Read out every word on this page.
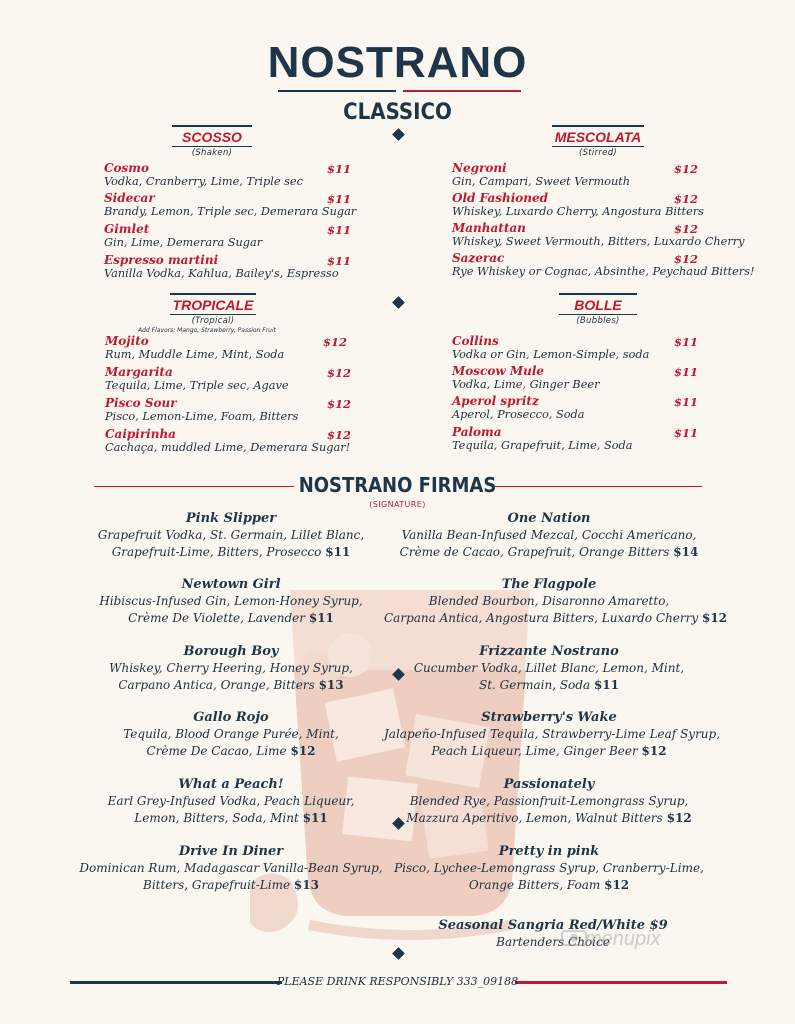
NOSTRANO
CLASSICO
SCOSSO
(Shaken)
Cosmo
Vodka, Cranberry, Lime, Triple sec
$11
Sidecar
Brandy, Lemon, Triple sec, Demerara Sugar
$11
Gimlet
Gin, Lime, Demerara Sugar
$11
Espresso martini
Vanilla Vodka, Kahlua, Bailey's, Espresso
$11
MESCOLATA
(Stirred)
Negroni
Gin, Campari, Sweet Vermouth
$12
Old Fashioned
Whiskey, Luxardo Cherry, Angostura Bitters
$12
Manhattan
Whiskey, Sweet Vermouth, Bitters, Luxardo Cherry
$12
Sazerac
Rye Whiskey or Cognac, Absinthe, Peychaud Bitters!
$12
TROPICALE
(Tropical)
Add Flavors: Mango, Strawberry, Passion Fruit
Mojito
Rum, Muddle Lime, Mint, Soda
$12
Margarita
Tequila, Lime, Triple sec, Agave
$12
Pisco Sour
Pisco, Lemon-Lime, Foam, Bitters
$12
Caipirinha
Cachaça, muddled Lime, Demerara Sugar!
$12
BOLLE
(Bubbles)
Collins
Vodka or Gin, Lemon-Simple, soda
$11
Moscow Mule
Vodka, Lime, Ginger Beer
$11
Aperol spritz
Aperol, Prosecco, Soda
$11
Paloma
Tequila, Grapefruit, Lime, Soda
$11
NOSTRANO FIRMAS
(SIGNATURE)
Pink Slipper
Grapefruit Vodka, St. Germain, Lillet Blanc,
Grapefruit-Lime, Bitters, Prosecco $11
Newtown Girl
Hibiscus-Infused Gin, Lemon-Honey Syrup,
Crème De Violette, Lavender $11
Borough Boy
Whiskey, Cherry Heering, Honey Syrup,
Carpano Antica, Orange, Bitters $13
Gallo Rojo
Tequila, Blood Orange Purée, Mint,
Crème De Cacao, Lime $12
What a Peach!
Earl Grey-Infused Vodka, Peach Liqueur,
Lemon, Bitters, Soda, Mint $11
Drive In Diner
Dominican Rum, Madagascar Vanilla-Bean Syrup,
Bitters, Grapefruit-Lime $13
One Nation
Vanilla Bean-Infused Mezcal, Cocchi Americano,
Crème de Cacao, Grapefruit, Orange Bitters $14
The Flagpole
Blended Bourbon, Disaronno Amaretto,
Carpana Antica, Angostura Bitters, Luxardo Cherry $12
Frizzante Nostrano
Cucumber Vodka, Lillet Blanc, Lemon, Mint,
St. Germain, Soda $11
Strawberry's Wake
Jalapeño-Infused Tequila, Strawberry-Lime Leaf Syrup,
Peach Liqueur, Lime, Ginger Beer $12
Passionately
Blended Rye, Passionfruit-Lemongrass Syrup,
Mazzura Aperitivo, Lemon, Walnut Bitters $12
Pretty in pink
Pisco, Lychee-Lemongrass Syrup, Cranberry-Lime,
Orange Bitters, Foam $12
Seasonal Sangria Red/White $9
Bartenders Choice
menupix
PLEASE DRINK RESPONSIBLY 333_09188
